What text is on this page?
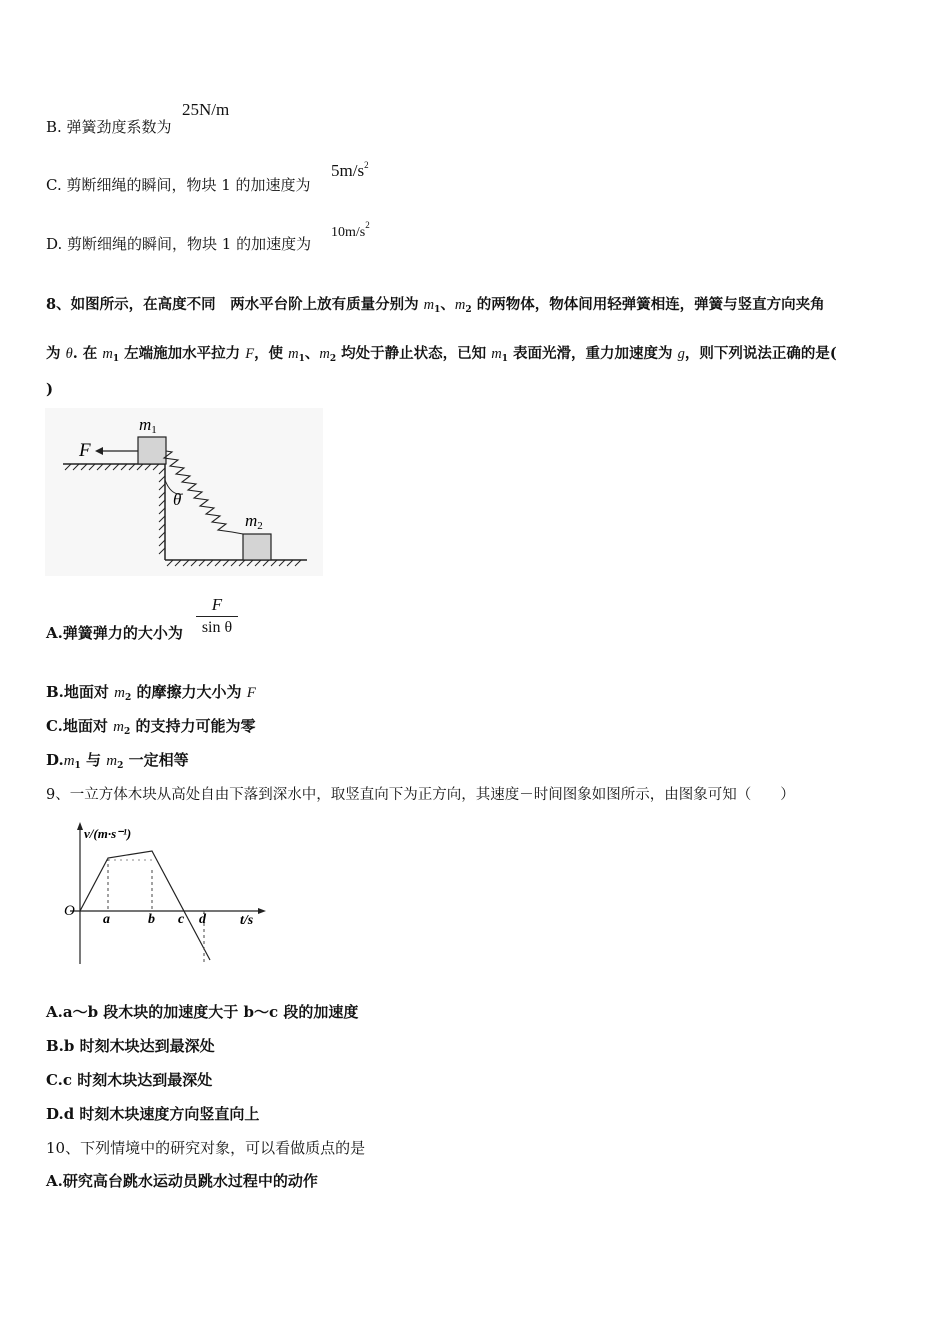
B. 弹簧劲度系数为
25N/m
C. 剪断细绳的瞬间，物块 1 的加速度为
$5m/s^2$
D. 剪断细绳的瞬间，物块 1 的加速度为
$10m/s^2$
8、如图所示，在高度不同　两水平台阶上放有质量分别为 $m_1$、$m_2$ 的两物体，物体间用轻弹簧相连，弹簧与竖直方向夹角
为 θ. 在 $m_1$ 左端施加水平拉力 F，使 $m_1$、$m_2$ 均处于静止状态，已知 $m_1$ 表面光滑，重力加速度为 g，则下列说法正确的是(
)
F
m1
θ
m2
A.弹簧弹力的大小为 $\frac{F}{\text{sin θ}}$
B.地面对 $m_2$ 的摩擦力大小为 F
C.地面对 $m_2$ 的支持力可能为零
$D.m_1$ 与 $m_2$ 一定相等
9、一立方体木块从高处自由下落到深水中，取竖直向下为正方向，其速度－时间图象如图所示，由图象可知（　　）
v/(m·s⁻¹)
O
a	b c d t/s
A.a～b 段木块的加速度大于 b～c 段的加速度
B.b 时刻木块达到最深处
C.c 时刻木块达到最深处
D.d 时刻木块速度方向竖直向上
10、下列情境中的研究对象，可以看做质点的是
A.研究高台跳水运动员跳水过程中的动作
